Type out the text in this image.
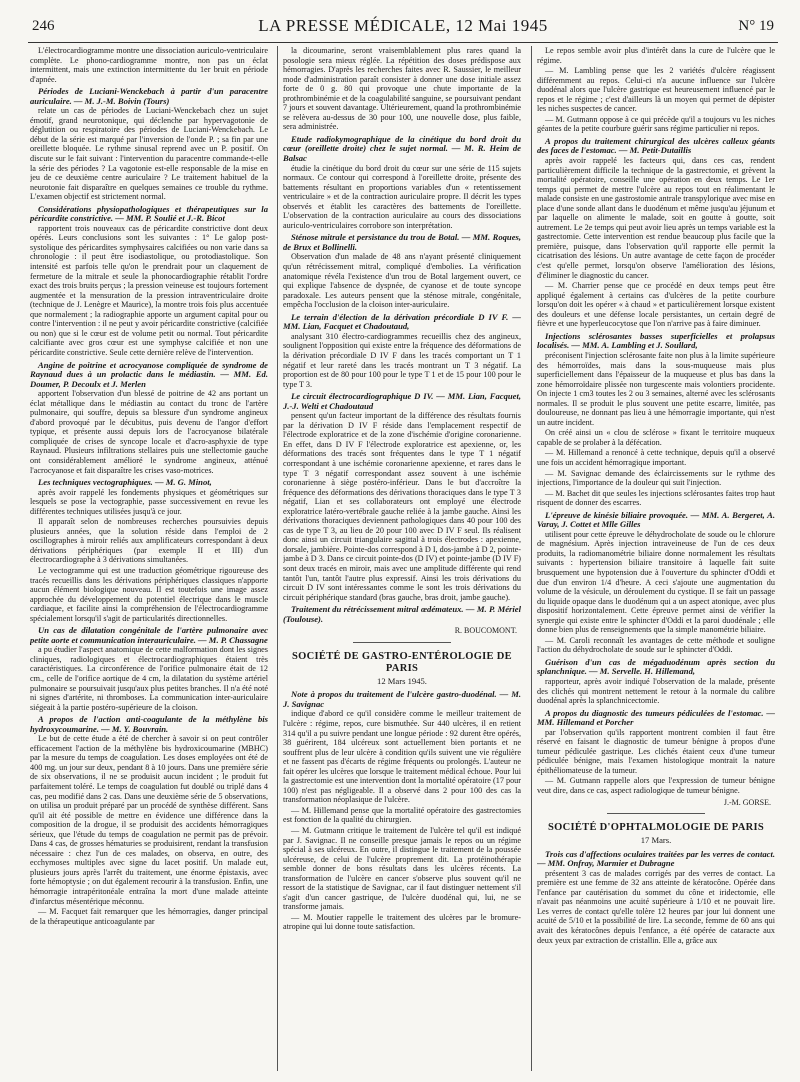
246	LA PRESSE MÉDICALE, 12 Mai 1945	N° 19

L'électrocardiogramme montre une dissociation auriculo-ventriculaire complète. Le phono-cardiogramme montre, non pas un éclat intermittent, mais une extinction intermittente du 1er bruit en période d'apnée.

Périodes de Luciani-Wenckebach à partir d'un paracentre auriculaire. — M. J.-M. Boivin (Tours)

relate un cas de périodes de Luciani-Wenckebach chez un sujet émotif, grand neurotonique, qui déclenche par hypervagotonie de déglutition ou respiratoire des périodes de Luciani-Wenckebach. Le début de la série est marqué par l'inversion de l'onde P. ; sa fin par une oreillette bloquée. Le rythme sinusal reprend avec un P. positif. On discute sur le fait suivant : l'intervention du paracentre commande-t-elle la série des périodes ? La vagotonie est-elle responsable de la mise en jeu de ce deuxième centre auriculaire ? Le traitement habituel de la neurotonie fait disparaître en quelques semaines ce trouble du rythme. L'examen objectif est strictement normal.

Considérations physiopathologiques et thérapeutiques sur la péricardite constrictive. — MM. P. Soulié et J.-R. Bicot

rapportent trois nouveaux cas de péricardite constrictive dont deux opérés. Leurs conclusions sont les suivantes : 1° Le galop post-systolique des péricardites symphysaires calcifiées ou non varie dans sa chronologie : il peut être isodiastolique, ou protodiastolique. Son intensité est parfois telle qu'on le prendrait pour un claquement de fermeture de la mitrale et seule la phonocardiographie rétablit l'ordre exact des trois bruits perçus ; la pression veineuse est toujours fortement augmentée et la mensuration de la pression intraventriculaire droite (technique de J. Lenègre et Maurice), la montre trois fois plus accentuée que normalement ; la radiographie apporte un argument capital pour ou contre l'intervention : il ne peut y avoir péricardite constrictive (calcifiée ou non) que si le cœur est de volume petit ou normal. Tout péricardite calcifiante avec gros cœur est une symphyse calcifiée et non une péricardite constrictive. Seule cette dernière relève de l'intervention.

Angine de poitrine et acrocyanose compliquée de syndrome de Raynaud dues à un prolactic dans le médiastin. — MM. Ed. Doumer, P. Decoulx et J. Merlen

apportent l'observation d'un blessé de poitrine de 42 ans portant un éclat métallique dans le médiastin au contact du tronc de l'artère pulmonaire, qui souffre, depuis sa blessure d'un syndrome angineux d'abord provoqué par le décubitus, puis devenu de l'angor d'effort typique, et présente aussi depuis lors de l'acrocyanose bilatérale compliquée de crises de syncope locale et d'acro-asphyxie de type Raynaud. Plusieurs infiltrations stellaires puis une stellectomie gauche ont considérablement amélioré le syndrome angineux, atténué l'acrocyanose et fait disparaître les crises vaso-motrices.

Les techniques vectographiques. — M. G. Minot,

après avoir rappelé les fondements physiques et géométriques sur lesquels se pose la vectographie, passe successivement en revue les différentes techniques utilisées jusqu'à ce jour.

Il apparaît selon de nombreuses recherches poursuivies depuis plusieurs années, que la solution réside dans l'emploi de 2 oscillographes à miroir reliés aux amplificateurs correspondant à deux dérivations périphériques (par exemple II et III) d'un électrocardiographe à 3 dérivations simultanées.

Le vectogramme qui est une traduction géométrique rigoureuse des tracés recueillis dans les dérivations périphériques classiques n'apporte aucun élément biologique nouveau. Il est toutefois une image assez approchée du développement du potentiel électrique dans le muscle cardiaque, et facilite ainsi la compréhension de l'électrocardiogramme spécialement lorsqu'il s'agit de particularités directionnelles.

Un cas de dilatation congénitale de l'artère pulmonaire avec petite aorte et communication interauriculaire. — M. P. Chassagne

a pu étudier l'aspect anatomique de cette malformation dont les signes cliniques, radiologiques et électrocardiographiques étaient très caractéristiques. La circonférence de l'orifice pulmonaire était de 12 cm., celle de l'orifice aortique de 4 cm, la dilatation du système artériel pulmonaire se poursuivait jusqu'aux plus petites branches. Il n'a été noté ni signes d'artérite, ni thromboses. La communication inter-auriculaire siégeait à la partie postéro-supérieure de la cloison.

A propos de l'action anti-coagulante de la méthylène bis hydroxycoumarine. — M. Y. Bouvrain.

Le but de cette étude a été de chercher à savoir si on peut contrôler efficacement l'action de la méthylène bis hydroxicoumarine (MBHC) par la mesure du temps de coagulation. Les doses employées ont été de 400 mg. un jour sur deux, pendant 8 à 10 jours. Dans une première série de six observations, il ne se produisit aucun incident ; le produit fut parfaitement toléré. Le temps de coagulation fut doublé ou triplé dans 4 cas, peu modifié dans 2 cas. Dans une deuxième série de 5 observations, on utilisa un produit préparé par un procédé de synthèse différent. Sans qu'il ait été possible de mettre en évidence une différence dans la composition de la drogue, il se produisit des accidents hémorragiques sérieux, que l'étude du temps de coagulation ne permit pas de prévoir. Dans 4 cas, de grosses hématuries se produisirent, rendant la transfusion nécessaire : chez l'un de ces malades, on observa, en outre, des ecchymoses multiples avec signe du lacet positif. Un malade eut, plusieurs jours après l'arrêt du traitement, une énorme épistaxis, avec forte hémoptysie ; on dut également recourir à la transfusion. Enfin, une hémorragie intrapéritonéale entraîna la mort d'une malade atteinte d'infarctus mésentérique méconnu.

— M. Facquet fait remarquer que les hémorragies, danger principal de la thérapeutique anticoagulante par

la dicoumarine, seront vraisemblablement plus rares quand la posologie sera mieux réglée. La répétition des doses prédispose aux hémorragies. D'après les recherches faites avec R. Saussier, le meilleur mode d'administration paraît consister à donner une dose initiale assez forte de 0 g. 80 qui provoque une chute importante de la prothrombinémie et de la coagulabilité sanguine, se poursuivant pendant 7 jours et souvent davantage. Ultérieurement, quand la prothrombinémie se relèvera au-dessus de 30 pour 100, une nouvelle dose, plus faible, sera administrée.

Etude radiokymographique de la cinétique du bord droit du cœur (oreillette droite) chez le sujet normal. — M. R. Heim de Balsac

étudie la cinétique du bord droit du cœur sur une série de 115 sujets normaux. Ce contour qui correspond à l'oreillette droite, présente des battements résultant en proportions variables d'un « retentissement ventriculaire » et de la contraction auriculaire propre. Il décrit les types observés et établit les caractères des battements de l'oreillette. L'observation de la contraction auriculaire au cours des dissociations auriculo-ventriculaires corrobore son interprétation.

Sténose mitrale et persistance du trou de Botal. — MM. Roques, de Brux et Bollinelli.

Observation d'un malade de 48 ans n'ayant présenté cliniquement qu'un rétrécissement mitral, compliqué d'embolies. La vérification anatomique révéla l'existence d'un trou de Botal largement ouvert, ce qui explique l'absence de dyspnée, de cyanose et de toute syncope paradoxale. Les auteurs pensent que la sténose mitrale, congénitale, empêcha l'occlusion de la cloison inter-auriculaire.

Le terrain d'élection de la dérivation précordiale D IV F. — MM. Lian, Facquet et Chadoutaud,

analysant 310 électro-cardiogrammes recueillis chez des angineux, soulignent l'opposition qui existe entre la fréquence des déformations de la dérivation précordiale D IV F dans les tracés comportant un T 1 négatif et leur rareté dans les tracés montrant un T 3 négatif. La proportion est de 80 pour 100 pour le type T 1 et de 15 pour 100 pour le type T 3.

Le circuit électrocardiographique D IV. — MM. Lian, Facquet, J.-J. Welti et Chadoutaud

pensent qu'un facteur important de la différence des résultats fournis par la dérivation D IV F réside dans l'emplacement respectif de l'électrode exploratrice et de la zone d'ischémie d'origine coronarienne. En effet, dans D IV F l'électrode exploratrice est apexienne, or, les déformations des tracés sont fréquentes dans le type T 1 négatif correspondant à une ischémie coronarienne apexienne, et rares dans le type T 3 négatif correspondant assez souvent à une ischémie coronarienne à siège postéro-inférieur. Dans le but d'accroître la fréquence des déformations des dérivations thoraciques dans le type T 3 négatif, Lian et ses collaborateurs ont employé une électrode exploratrice latéro-vertébrale gauche reliée à la jambe gauche. Ainsi les dérivations thoraciques deviennent pathologiques dans 40 pour 100 des cas de type T 3, au lieu de 20 pour 100 avec D IV F seul. Ils réalisent donc ainsi un circuit triangulaire sagittal à trois électrodes : apexienne, dorsale, jambière. Pointe-dos correspond à D I, dos-jambe à D 2, pointe-jambe à D 3. Dans ce circuit pointe-dos (D IV) et pointe-jambe (D IV F) sont deux tracés en miroir, mais avec une amplitude différente qui rend tantôt l'un, tantôt l'autre plus expressif. Ainsi les trois dérivations du circuit D IV sont intéressantes comme le sont les trois dérivations du circuit périphérique standard (bras gauche, bras droit, jambe gauche).

Traitement du rétrécissement mitral œdémateux. — M. P. Mériel (Toulouse).
R. BOUCOMONT.
SOCIÉTÉ DE GASTRO-ENTÉROLOGIE DE PARIS
12 Mars 1945.
Note à propos du traitement de l'ulcère gastro-duodénal. — M. J. Savignac

indique d'abord ce qu'il considère comme le meilleur traitement de l'ulcère : régime, repos, cure bismuthée. Sur 440 ulcères, il en retient 314 qu'il a pu suivre pendant une longue période : 92 durent être opérés, 38 guérirent, 184 ulcéreux sont actuellement bien portants et ne souffrent plus de leur ulcère à condition qu'ils suivent une vie régulière et ne fassent pas d'écarts de régime fréquents ou prolongés. L'auteur ne fait opérer les ulcères que lorsque le traitement médical échoue. Pour lui la gastrectomie est une intervention dont la mortalité opératoire (17 pour 100) n'est pas négligeable. Il a observé dans 2 pour 100 des cas la transformation néoplasique de l'ulcère.

— M. Hillemand pense que la mortalité opératoire des gastrectomies est fonction de la qualité du chirurgien.

— M. Gutmann critique le traitement de l'ulcère tel qu'il est indiqué par J. Savignac. Il ne conseille presque jamais le repos ou un régime spécial à ses ulcéreux. En outre, il distingue le traitement de la poussée ulcéreuse, de celui de l'ulcère proprement dit. La protéinothérapie semble donner de bons résultats dans les ulcères récents. La transformation de l'ulcère en cancer s'observe plus souvent qu'il ne ressort de la statistique de Savignac, car il faut distinguer nettement s'il s'agit d'un cancer gastrique, de l'ulcère duodénal qui, lui, ne se transforme jamais.

— M. Moutier rappelle le traitement des ulcères par le bromure-atropine qui lui donne toute satisfaction.

Le repos semble avoir plus d'intérêt dans la cure de l'ulcère que le régime.

— M. Lambling pense que les 2 variétés d'ulcère réagissent différemment au repos. Celui-ci n'a aucune influence sur l'ulcère duodénal alors que l'ulcère gastrique est heureusement influencé par le repos et le régime ; c'est d'ailleurs là un moyen qui permet de dépister les niches suspectes de cancer.

— M. Gutmann oppose à ce qui précède qu'il a toujours vu les niches géantes de la petite courbure guérir sans régime particulier ni repos.

A propos du traitement chirurgical des ulcères calleux géants des faces de l'estomac. — M. Petit-Dutaillis

après avoir rappelé les facteurs qui, dans ces cas, rendent particulièrement difficile la technique de la gastrectomie, et grèvent la mortalité opératoire, conseille une opération en deux temps. Le 1er temps qui permet de mettre l'ulcère au repos tout en réalimentant le malade consiste en une gastrostomie antrale transpylorique avec mise en place d'une sonde allant dans le duodénum et même jusqu'au jéjunum et par laquelle on alimente le malade, soit en goutte à goutte, soit autrement. Le 2e temps qui peut avoir lieu après un temps variable est la gastrectomie. Cette intervention est rendue beaucoup plus facile que la première, puisque, dans l'observation qu'il rapporte elle permit la cicatrisation des lésions. Un autre avantage de cette façon de procéder c'est qu'elle permet, lorsqu'on observe l'amélioration des lésions, d'éliminer le diagnostic du cancer.

— M. Charrier pense que ce procédé en deux temps peut être appliqué également à certains cas d'ulcères de la petite courbure lorsqu'on doit les opérer « à chaud » et particulièrement lorsque existent des douleurs et une défense locale persistantes, un certain degré de fièvre et une hyperleucocytose que l'on n'arrive pas à faire diminuer.

Injections sclérosantes basses superficielles et prolapsus localisés. — MM. A. Lambling et J. Soullard,

préconisent l'injection sclérosante faite non plus à la limite supérieure des hémorroïdes, mais dans la sous-muqueuse mais plus superficiellement dans l'épaisseur de la muqueuse et plus bas dans la zone hémorroïdaire plissée non turgescente mais volontiers procidente. On injecte 1 cm3 toutes les 2 ou 3 semaines, alterné avec les sclérosants normales. Il se produit le plus souvent une petite escarre, limitée, pas douloureuse, ne donnant pas lieu à une hémorragie importante, qui n'est un autre incident.

On créé ainsi un « clou de sclérose » fixant le territoire muqueux capable de se prolaber à la défécation.

— M. Hillemand a renoncé à cette technique, depuis qu'il a observé une fois un accident hémorragique important.

— M. Savignac demande des éclaircissements sur le rythme des injections, l'importance de la douleur qui suit l'injection.

— M. Bachet dit que seules les injections sclérosantes faites trop haut risquent de donner des escarres.

L'épreuve de kinésie biliaire provoquée. — MM. A. Bergeret, A. Varay, J. Cottet et Mlle Gilles

utilisent pour cette épreuve le déhydrocholate de soude ou le chlorure de magnésium. Après injection intraveineuse de l'un de ces deux produits, la radiomanométrie biliaire donne normalement les résultats suivants : hypertension biliaire transitoire à laquelle fait suite brusquement une hypotension due à l'ouverture du sphincter d'Oddi et due d'un environ 1/4 d'heure. A ceci s'ajoute une augmentation du volume de la vésicule, un déroulement du cystique. Il se fait un passage du liquide opaque dans le duodénum qui a un aspect atonique, avec plus dispositif horizontalement. Cette épreuve permet ainsi de vérifier la synergie qui existe entre le sphincter d'Oddi et la paroi duodénale ; elle donne bien plus de renseignements que la simple manométrie biliaire.

— M. Caroli reconnaît les avantages de cette méthode et souligne l'action du déhydrocholate de soude sur le sphincter d'Oddi.

Guérison d'un cas de mégaduodénum après section du splanchnique. — M. Servelle. H. Hillemand,

rapporteur, après avoir indiqué l'observation de la malade, présente des clichés qui montrent nettement le retour à la normale du calibre duodénal après la splanchnicectomie.

A propos du diagnostic des tumeurs pédiculées de l'estomac. — MM. Hillemand et Porcher

par l'observation qu'ils rapportent montrent combien il faut être réservé en faisant le diagnostic de tumeur bénigne à propos d'une tumeur pédiculée gastrique. Les clichés étaient ceux d'une tumeur pédiculée bénigne, mais l'examen histologique montrait la nature épithéliomateuse de la tumeur.

— M. Gutmann rappelle alors que l'expression de tumeur bénigne veut dire, dans ce cas, aspect radiologique de tumeur bénigne.

J.-M. GORSE.
SOCIÉTÉ D'OPHTALMOLOGIE DE PARIS
17 Mars.
Trois cas d'affections oculaires traitées par les verres de contact. — MM. Onfray, Marmier et Dubragne

présentent 3 cas de malades corrigés par des verres de contact. La première est une femme de 32 ans atteinte de kératocône. Opérée dans l'enfance par cautérisation du sommet du cône et iridectomie, elle n'avait pas néanmoins une acuité supérieure à 1/10 et ne pouvait lire. Les verres de contact qu'elle tolère 12 heures par jour lui donnent une acuité de 5/10 et la possibilité de lire. La seconde, femme de 60 ans qui avait des kératocônes depuis l'enfance, a été opérée de cataracte aux deux yeux par extraction de cristallin. Elle a, grâce aux
